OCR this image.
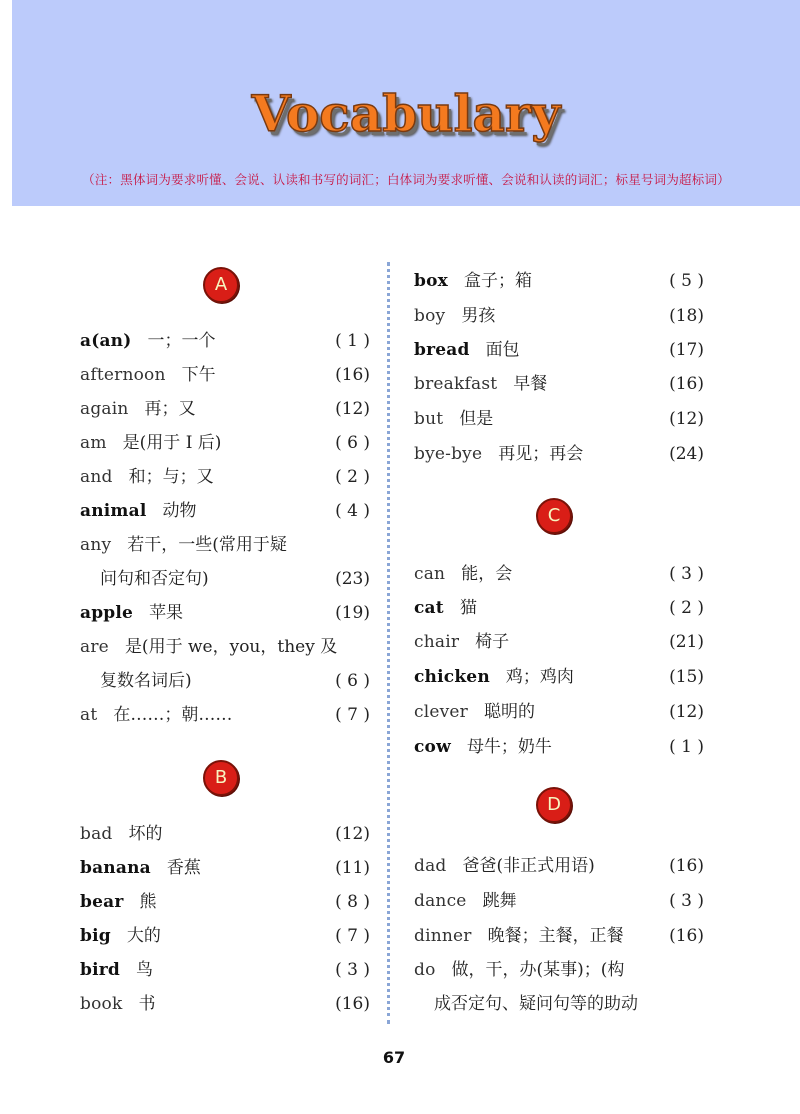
Vocabulary
（注：黑体词为要求听懂、会说、认读和书写的词汇；白体词为要求听懂、会说和认读的词汇；标星号词为超标词）
A
a(an) 一；一个	( 1 )
afternoon 下午	(16)
again 再；又	(12)
am 是(用于 I 后)	( 6 )
and 和；与；又	( 2 )
animal 动物	( 4 )
any 若干，一些(常用于疑
问句和否定句)	(23)
apple 苹果	(19)
are 是(用于 we，you，they 及
复数名词后)	( 6 )
at 在……；朝……	( 7 )
B
bad 坏的	(12)
banana 香蕉	(11)
bear 熊	( 8 )
big 大的	( 7 )
bird 鸟	( 3 )
book 书	(16)
box 盒子；箱	( 5 )
boy 男孩	(18)
bread 面包	(17)
breakfast 早餐	(16)
but 但是	(12)
bye-bye 再见；再会	(24)
C
can 能，会	( 3 )
cat 猫	( 2 )
chair 椅子	(21)
chicken 鸡；鸡肉	(15)
clever 聪明的	(12)
cow 母牛；奶牛	( 1 )
D
dad 爸爸(非正式用语)	(16)
dance 跳舞	( 3 )
dinner 晚餐；主餐，正餐	(16)
do 做，干，办(某事)；(构
成否定句、疑问句等的助动
67
